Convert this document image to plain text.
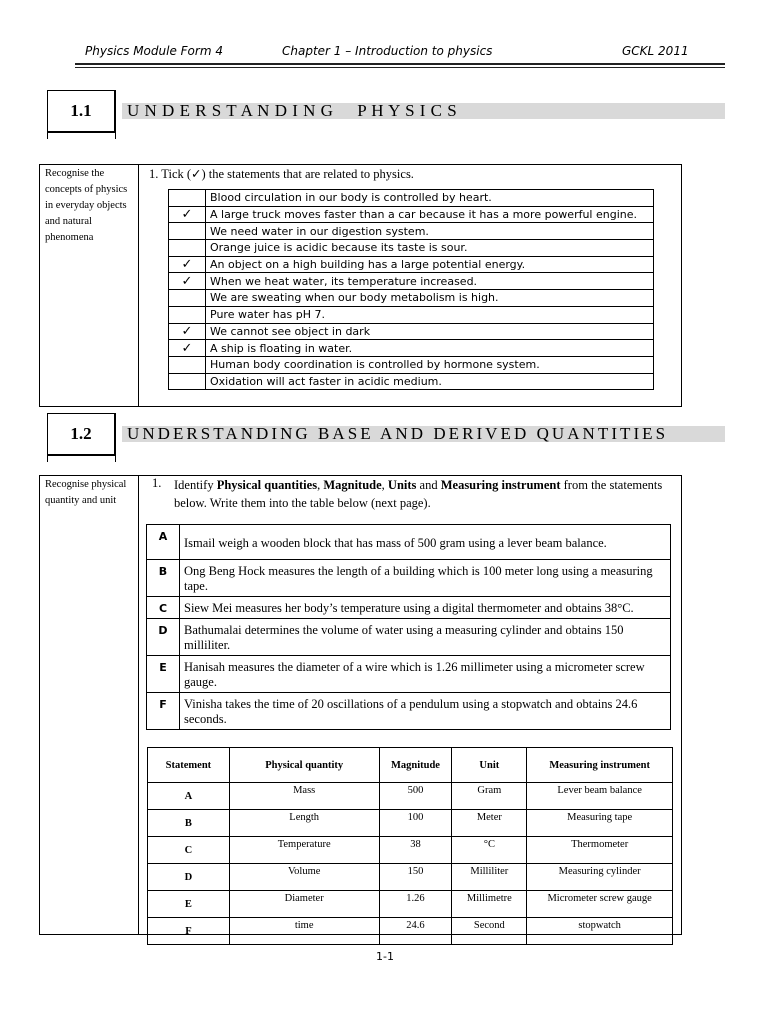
Physics Module Form 4	Chapter 1 – Introduction to physics	GCKL 2011
1.1 U N D E R S T A N D I N G     P H Y S I C S
Recognise the concepts of physics in everyday objects and natural phenomena
1. Tick (✓) the statements that are related to physics.
	Blood circulation in our body is controlled by heart.
✓	A large truck moves faster than a car because it has a more powerful engine.
	We need water in our digestion system.
	Orange juice is acidic because its taste is sour.
✓	An object on a high building has a large potential energy.
✓	When we heat water, its temperature increased.
	We are sweating when our body metabolism is high.
	Pure water has pH 7.
✓	We cannot see object in dark
✓	A ship is floating in water.
	Human body coordination is controlled by hormone system.
	Oxidation will act faster in acidic medium.
1.2 UNDERSTANDING BASE AND DERIVED QUANTITIES
Recognise physical quantity and unit
1. Identify Physical quantities, Magnitude, Units and Measuring instrument from the statements below. Write them into the table below (next page).
A	Ismail weigh a wooden block that has mass of 500 gram using a lever beam balance.
B	Ong Beng Hock measures the length of a building which is 100 meter long using a measuring tape.
C	Siew Mei measures her body’s temperature using a digital thermometer and obtains 38°C.
D	Bathumalai determines the volume of water using a measuring cylinder and obtains 150 milliliter.
E	Hanisah measures the diameter of a wire which is 1.26 millimeter using a micrometer screw gauge.
F	Vinisha takes the time of 20 oscillations of a pendulum using a stopwatch and obtains 24.6 seconds.
Statement	Physical quantity	Magnitude	Unit	Measuring instrument
A	Mass	500	Gram	Lever beam balance
B	Length	100	Meter	Measuring tape
C	Temperature	38	°C	Thermometer
D	Volume	150	Milliliter	Measuring cylinder
E	Diameter	1.26	Millimetre	Micrometer screw gauge
F	time	24.6	Second	stopwatch
1-1
